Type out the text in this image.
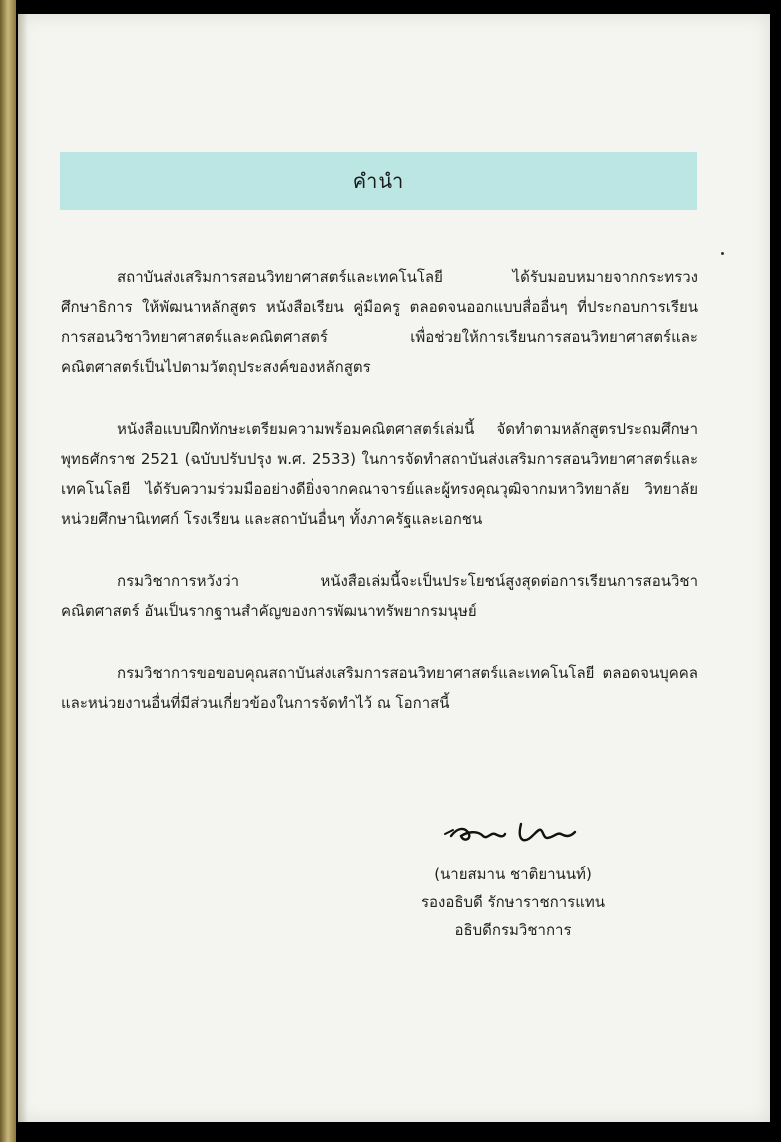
คำนำ

สถาบันส่งเสริมการสอนวิทยาศาสตร์และเทคโนโลยี ได้รับมอบหมายจากกระทรวงศึกษาธิการ ให้พัฒนาหลักสูตร หนังสือเรียน คู่มือครู ตลอดจนออกแบบสื่ออื่นๆ ที่ประกอบการเรียนการสอนวิชาวิทยาศาสตร์และคณิตศาสตร์ เพื่อช่วยให้การเรียนการสอนวิทยาศาสตร์และคณิตศาสตร์เป็นไปตามวัตถุประสงค์ของหลักสูตร

หนังสือแบบฝึกทักษะเตรียมความพร้อมคณิตศาสตร์เล่มนี้ จัดทำตามหลักสูตรประถมศึกษา พุทธศักราช 2521 (ฉบับปรับปรุง พ.ศ. 2533) ในการจัดทำสถาบันส่งเสริมการสอนวิทยาศาสตร์และเทคโนโลยี ได้รับความร่วมมืออย่างดียิ่งจากคณาจารย์และผู้ทรงคุณวุฒิจากมหาวิทยาลัย วิทยาลัย หน่วยศึกษานิเทศก์ โรงเรียน และสถาบันอื่นๆ ทั้งภาครัฐและเอกชน

กรมวิชาการหวังว่า หนังสือเล่มนี้จะเป็นประโยชน์สูงสุดต่อการเรียนการสอนวิชาคณิตศาสตร์ อันเป็นรากฐานสำคัญของการพัฒนาทรัพยากรมนุษย์

กรมวิชาการขอขอบคุณสถาบันส่งเสริมการสอนวิทยาศาสตร์และเทคโนโลยี ตลอดจนบุคคลและหน่วยงานอื่นที่มีส่วนเกี่ยวข้องในการจัดทำไว้ ณ โอกาสนี้

(นายสมาน ชาติยานนท์)
รองอธิบดี รักษาราชการแทน
อธิบดีกรมวิชาการ
